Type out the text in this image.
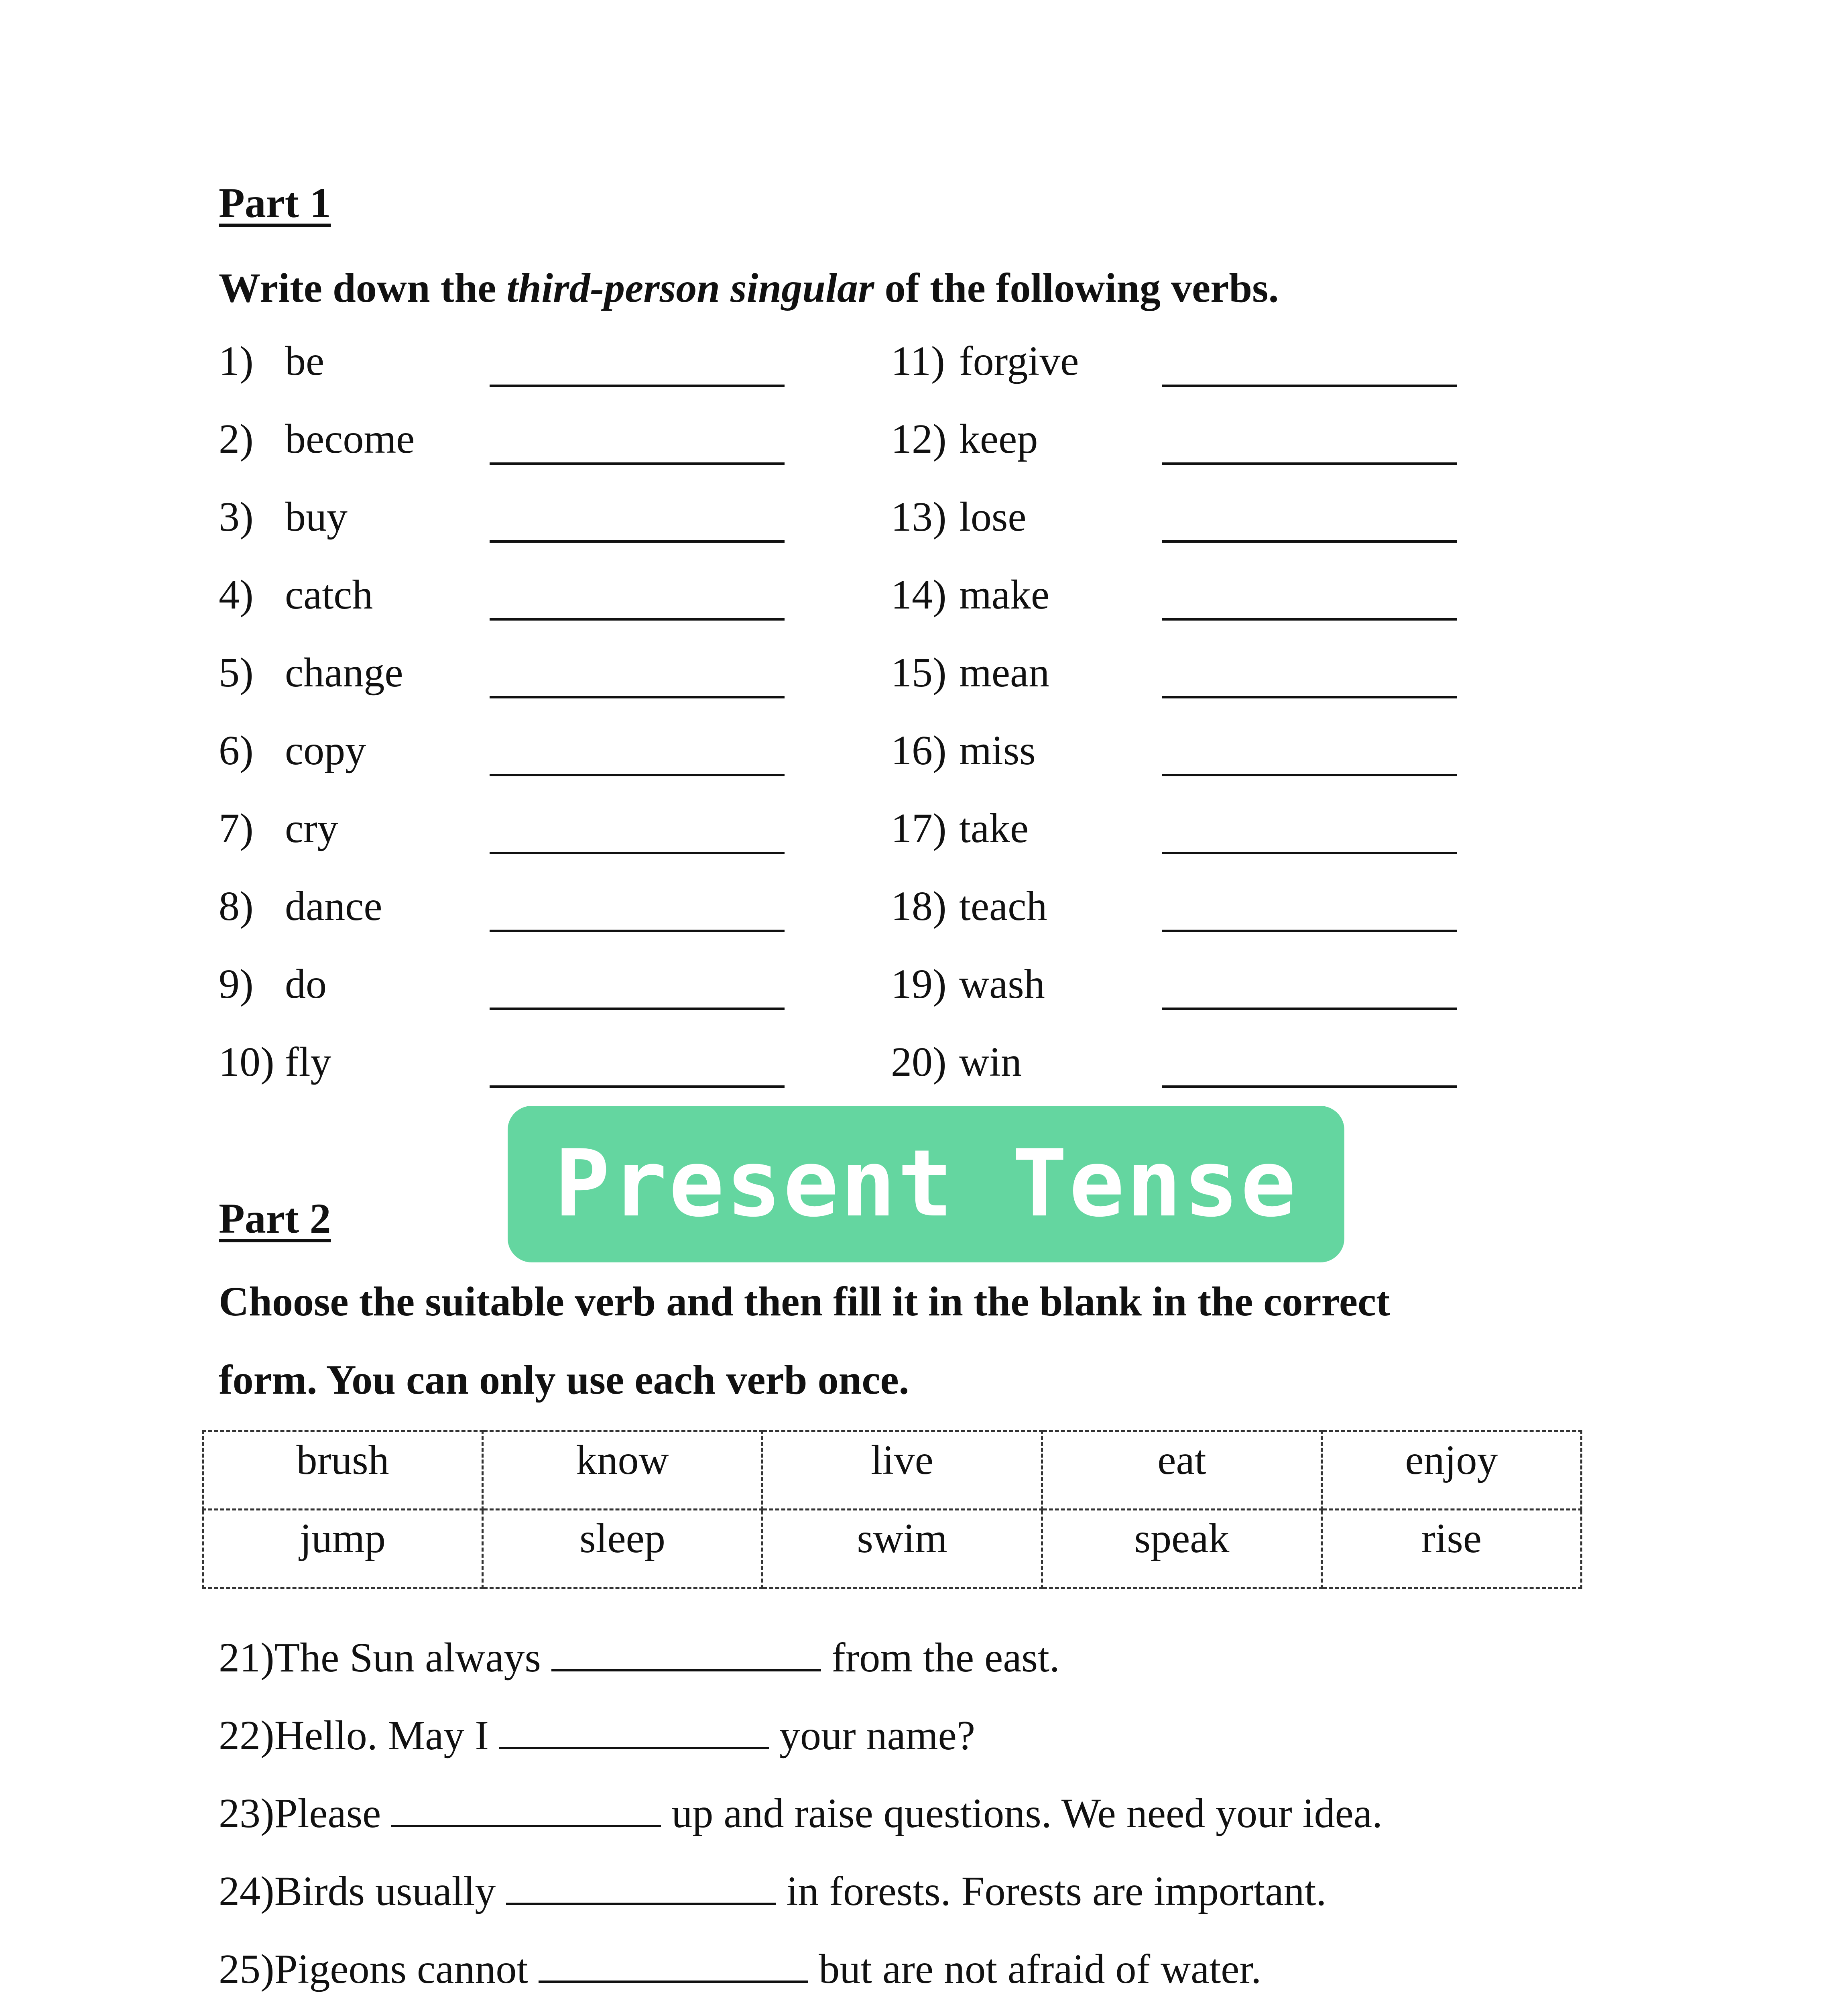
Part 1
Write down the third-person singular of the following verbs.
1) be
2) become
3) buy
4) catch
5) change
6) copy
7) cry
8) dance
9) do
10) fly
11) forgive
12) keep
13) lose
14) make
15) mean
16) miss
17) take
18) teach
19) wash
20) win
Present Tense
Part 2
Choose the suitable verb and then fill it in the blank in the correct
form. You can only use each verb once.
brush	know	live	eat	enjoy
jump	sleep	swim	speak	rise
21)The Sun always	from the east.
22)Hello. May I	your name?
23)Please	up and raise questions. We need your idea.
24)Birds usually	in forests. Forests are important.
25)Pigeons cannot	but are not afraid of water.
